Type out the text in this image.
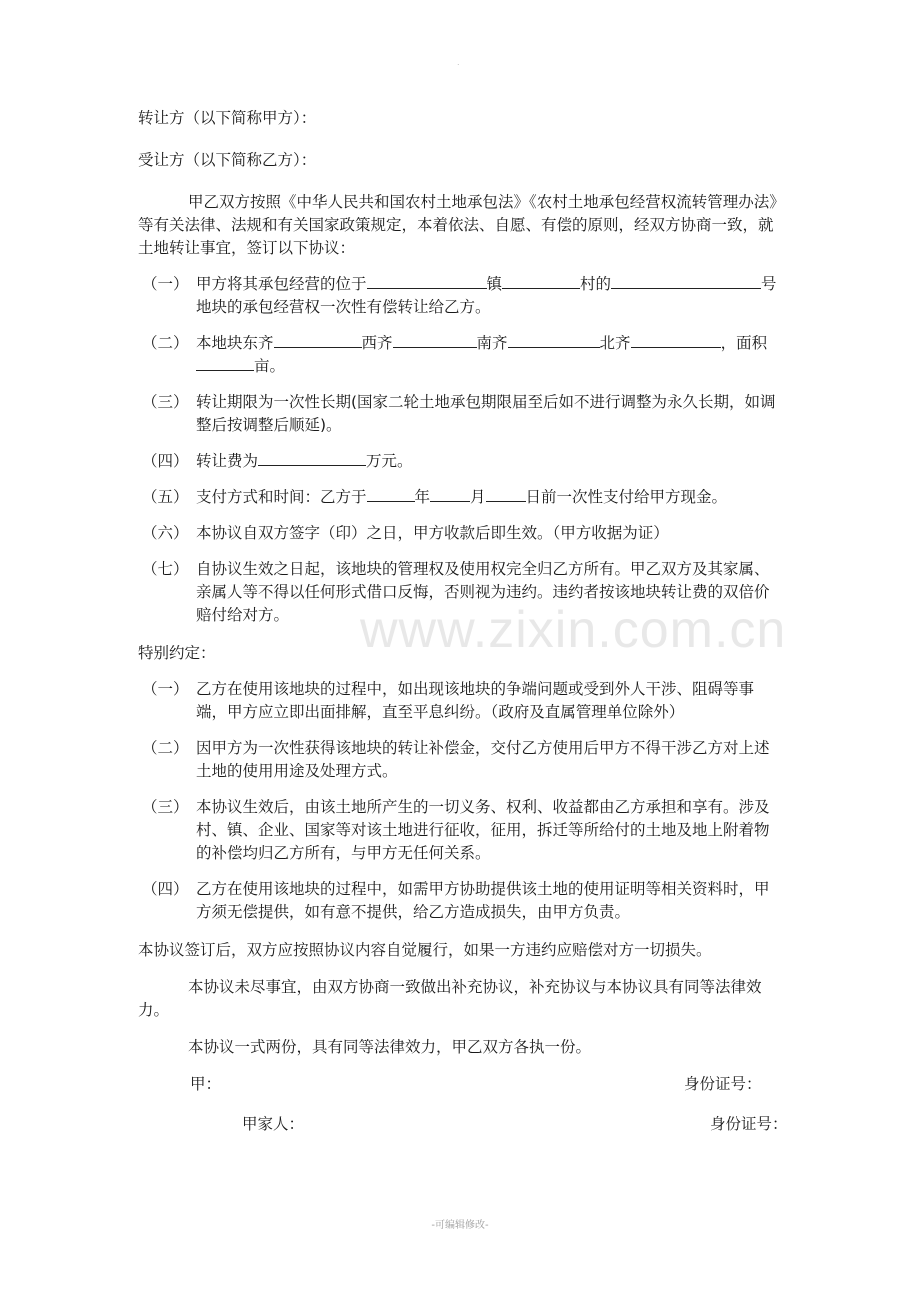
.

转让方（以下简称甲方）：

受让方（以下简称乙方）：

甲乙双方按照《中华人民共和国农村土地承包法》《农村土地承包经营权流转管理办法》等有关法律、法规和有关国家政策规定，本着依法、自愿、有偿的原则，经双方协商一致，就土地转让事宜，签订以下协议：

（一） 甲方将其承包经营的位于	镇	村的	号地块的承包经营权一次性有偿转让给乙方。
（二） 本地块东齐	西齐	南齐	北齐	，面积亩。
（三） 转让期限为一次性长期(国家二轮土地承包期限届至后如不进行调整为永久长期，如调整后按调整后顺延)。
（四） 转让费为	万元。
（五） 支付方式和时间：乙方于	年	月	日前一次性支付给甲方现金。
（六） 本协议自双方签字（印）之日，甲方收款后即生效。（甲方收据为证）
（七） 自协议生效之日起，该地块的管理权及使用权完全归乙方所有。甲乙双方及其家属、亲属人等不得以任何形式借口反悔，否则视为违约。违约者按该地块转让费的双倍价赔付给对方。

特别约定：

（一） 乙方在使用该地块的过程中，如出现该地块的争端问题或受到外人干涉、阻碍等事端，甲方应立即出面排解，直至平息纠纷。（政府及直属管理单位除外）
（二） 因甲方为一次性获得该地块的转让补偿金，交付乙方使用后甲方不得干涉乙方对上述土地的使用用途及处理方式。
（三） 本协议生效后，由该土地所产生的一切义务、权利、收益都由乙方承担和享有。涉及村、镇、企业、国家等对该土地进行征收，征用，拆迁等所给付的土地及地上附着物的补偿均归乙方所有，与甲方无任何关系。
（四） 乙方在使用该地块的过程中，如需甲方协助提供该土地的使用证明等相关资料时，甲方须无偿提供，如有意不提供，给乙方造成损失，由甲方负责。

本协议签订后，双方应按照协议内容自觉履行，如果一方违约应赔偿对方一切损失。

本协议未尽事宜，由双方协商一致做出补充协议，补充协议与本协议具有同等法律效力。

本协议一式两份，具有同等法律效力，甲乙双方各执一份。

甲：	身份证号：
甲家人：	身份证号：
www.zixin.com.cn
-可编辑修改-
